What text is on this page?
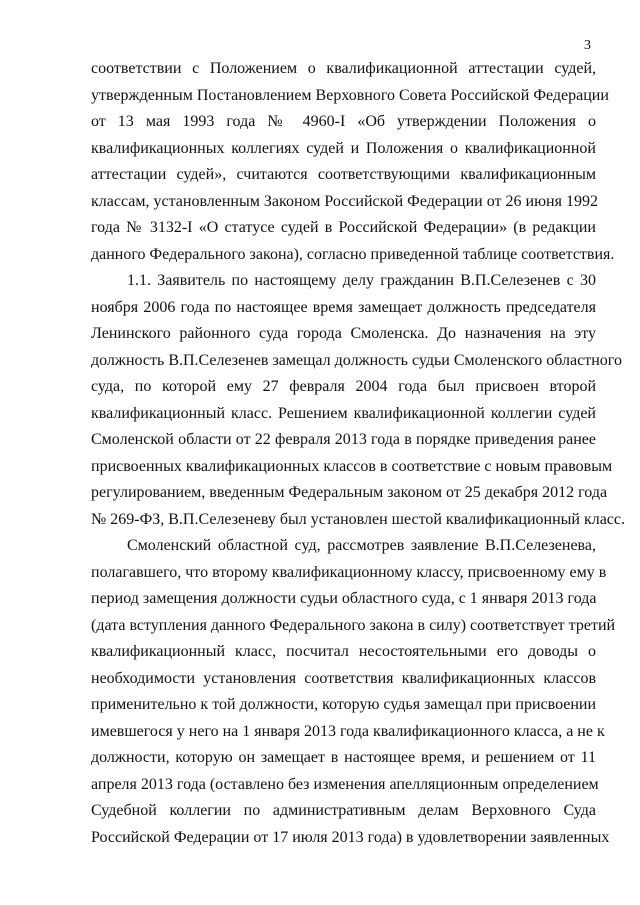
3
соответствии с Положением о квалификационной аттестации судей,
утвержденным Постановлением Верховного Совета Российской Федерации
от 13 мая 1993 года № 4960-I «Об утверждении Положения о
квалификационных коллегиях судей и Положения о квалификационной
аттестации судей», считаются соответствующими квалификационным
классам, установленным Законом Российской Федерации от 26 июня 1992
года № 3132-I «О статусе судей в Российской Федерации» (в редакции
данного Федерального закона), согласно приведенной таблице соответствия.
1.1. Заявитель по настоящему делу гражданин В.П.Селезенев с 30
ноября 2006 года по настоящее время замещает должность председателя
Ленинского районного суда города Смоленска. До назначения на эту
должность В.П.Селезенев замещал должность судьи Смоленского областного
суда, по которой ему 27 февраля 2004 года был присвоен второй
квалификационный класс. Решением квалификационной коллегии судей
Смоленской области от 22 февраля 2013 года в порядке приведения ранее
присвоенных квалификационных классов в соответствие с новым правовым
регулированием, введенным Федеральным законом от 25 декабря 2012 года
№ 269-ФЗ, В.П.Селезеневу был установлен шестой квалификационный класс.
Смоленский областной суд, рассмотрев заявление В.П.Селезенева,
полагавшего, что второму квалификационному классу, присвоенному ему в
период замещения должности судьи областного суда, с 1 января 2013 года
(дата вступления данного Федерального закона в силу) соответствует третий
квалификационный класс, посчитал несостоятельными его доводы о
необходимости установления соответствия квалификационных классов
применительно к той должности, которую судья замещал при присвоении
имевшегося у него на 1 января 2013 года квалификационного класса, а не к
должности, которую он замещает в настоящее время, и решением от 11
апреля 2013 года (оставлено без изменения апелляционным определением
Судебной коллегии по административным делам Верховного Суда
Российской Федерации от 17 июля 2013 года) в удовлетворении заявленных
